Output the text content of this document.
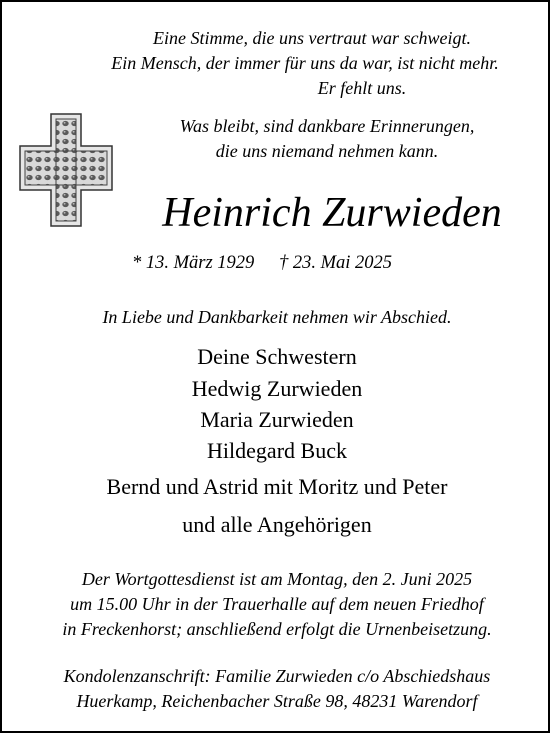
Eine Stimme, die uns vertraut war schweigt.
Ein Mensch, der immer für uns da war, ist nicht mehr.
Er fehlt uns.
Was bleibt, sind dankbare Erinnerungen,
die uns niemand nehmen kann.
Heinrich Zurwieden
* 13. März 1929 † 23. Mai 2025
In Liebe und Dankbarkeit nehmen wir Abschied.
Deine Schwestern
Hedwig Zurwieden
Maria Zurwieden
Hildegard Buck
Bernd und Astrid mit Moritz und Peter
und alle Angehörigen
Der Wortgottesdienst ist am Montag, den 2. Juni 2025
um 15.00 Uhr in der Trauerhalle auf dem neuen Friedhof
in Freckenhorst; anschließend erfolgt die Urnenbeisetzung.
Kondolenzanschrift: Familie Zurwieden c/o Abschiedshaus
Huerkamp, Reichenbacher Straße 98, 48231 Warendorf
